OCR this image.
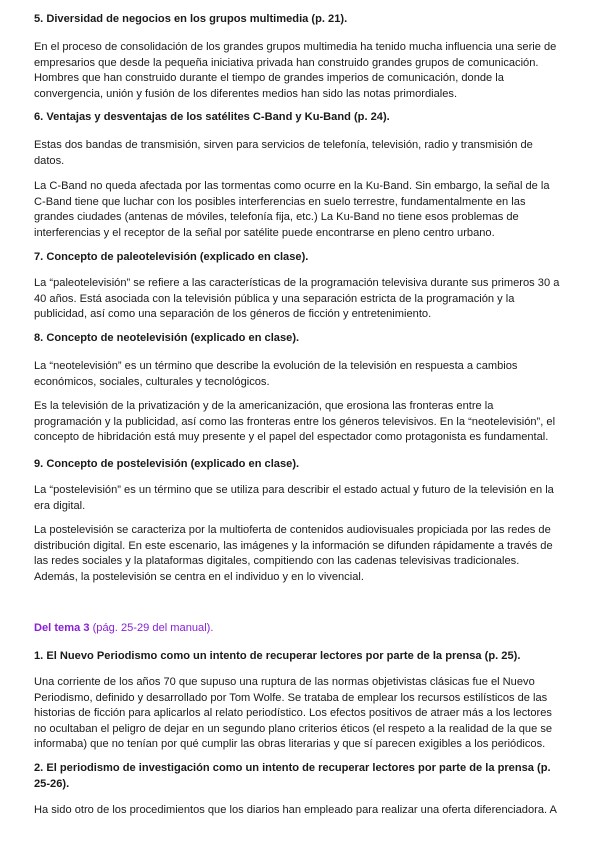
5. Diversidad de negocios en los grupos multimedia (p. 21).
En el proceso de consolidación de los grandes grupos multimedia ha tenido mucha influencia una serie de empresarios que desde la pequeña iniciativa privada han construido grandes grupos de comunicación. Hombres que han construido durante el tiempo de grandes imperios de comunicación, donde la convergencia, unión y fusión de los diferentes medios han sido las notas primordiales.
6. Ventajas y desventajas de los satélites C-Band y Ku-Band (p. 24).
Estas dos bandas de transmisión, sirven para servicios de telefonía, televisión, radio y transmisión de datos.
La C-Band no queda afectada por las tormentas como ocurre en la Ku-Band. Sin embargo, la señal de la C-Band tiene que luchar con los posibles interferencias en suelo terrestre, fundamentalmente en las grandes ciudades (antenas de móviles, telefonía fija, etc.) La Ku-Band no tiene esos problemas de interferencias y el receptor de la señal por satélite puede encontrarse en pleno centro urbano.
7. Concepto de paleotelevisión (explicado en clase).
La “paleotelevisión” se refiere a las características de la programación televisiva durante sus primeros 30 a 40 años. Está asociada con la televisión pública y una separación estricta de la programación y la publicidad, así como una separación de los géneros de ficción y entretenimiento.
8. Concepto de neotelevisión (explicado en clase).
La “neotelevisión” es un término que describe la evolución de la televisión en respuesta a cambios económicos, sociales, culturales y tecnológicos.
Es la televisión de la privatización y de la americanización, que erosiona las fronteras entre la programación y la publicidad, así como las fronteras entre los géneros televisivos. En la “neotelevisión”, el concepto de hibridación está muy presente y el papel del espectador como protagonista es fundamental.
9. Concepto de postelevisión (explicado en clase).
La “postelevisión” es un término que se utiliza para describir el estado actual y futuro de la televisión en la era digital.
La postelevisión se caracteriza por la multioferta de contenidos audiovisuales propiciada por las redes de distribución digital. En este escenario, las imágenes y la información se difunden rápidamente a través de las redes sociales y la plataformas digitales, compitiendo con las cadenas televisivas tradicionales. Además, la postelevisión se centra en el individuo y en lo vivencial.
Del tema 3 (pág. 25-29 del manual).
1. El Nuevo Periodismo como un intento de recuperar lectores por parte de la prensa (p. 25).
Una corriente de los años 70 que supuso una ruptura de las normas objetivistas clásicas fue el Nuevo Periodismo, definido y desarrollado por Tom Wolfe. Se trataba de emplear los recursos estilísticos de las historias de ficción para aplicarlos al relato periodístico. Los efectos positivos de atraer más a los lectores no ocultaban el peligro de dejar en un segundo plano criterios éticos (el respeto a la realidad de la que se informaba) que no tenían por qué cumplir las obras literarias y que sí parecen exigibles a los periódicos.
2. El periodismo de investigación como un intento de recuperar lectores por parte de la prensa (p. 25-26).
Ha sido otro de los procedimientos que los diarios han empleado para realizar una oferta diferenciadora. A
